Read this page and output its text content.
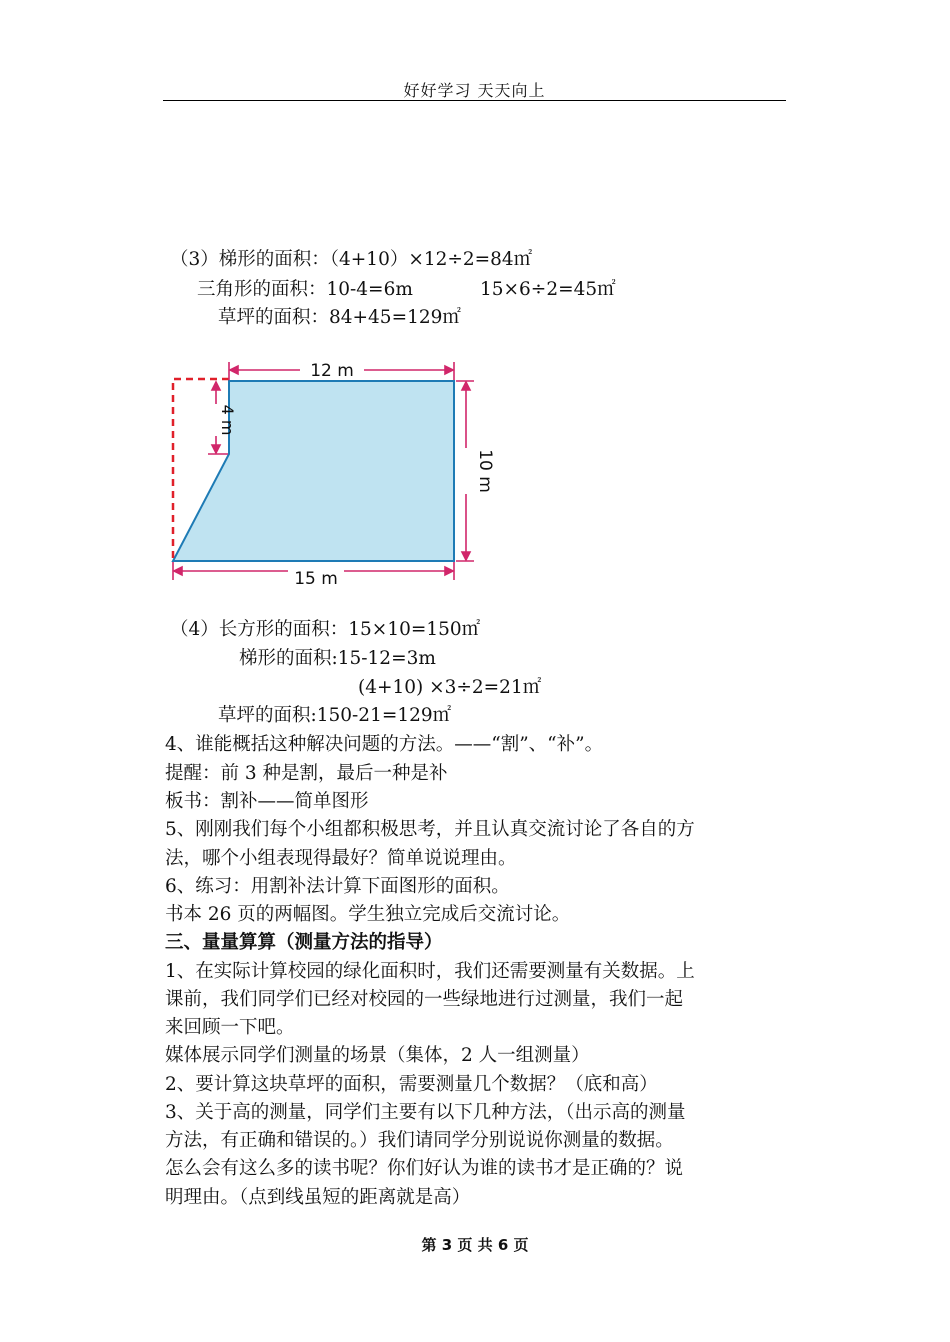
好好学习 天天向上
（3）梯形的面积：（4+10）×12÷2=84㎡
三角形的面积：10-4=6m	15×6÷2=45㎡
草坪的面积：84+45=129㎡
12 m
15 m
10 m
4 m
（4）长方形的面积：15×10=150㎡
梯形的面积:15-12=3m
(4+10) ×3÷2=21㎡
草坪的面积:150-21=129㎡
4、谁能概括这种解决问题的方法。——“割”、“补”。
提醒：前 3 种是割，最后一种是补
板书：割补——简单图形
5、刚刚我们每个小组都积极思考，并且认真交流讨论了各自的方
法，哪个小组表现得最好？简单说说理由。
6、练习：用割补法计算下面图形的面积。
书本 26 页的两幅图。学生独立完成后交流讨论。
三、量量算算（测量方法的指导）
1、在实际计算校园的绿化面积时，我们还需要测量有关数据。上
课前，我们同学们已经对校园的一些绿地进行过测量，我们一起
来回顾一下吧。
媒体展示同学们测量的场景（集体，2 人一组测量）
2、要计算这块草坪的面积，需要测量几个数据？（底和高）
3、关于高的测量，同学们主要有以下几种方法，（出示高的测量
方法，有正确和错误的。）我们请同学分别说说你测量的数据。
怎么会有这么多的读书呢？你们好认为谁的读书才是正确的？说
明理由。（点到线虽短的距离就是高）
第 3 页 共 6 页
